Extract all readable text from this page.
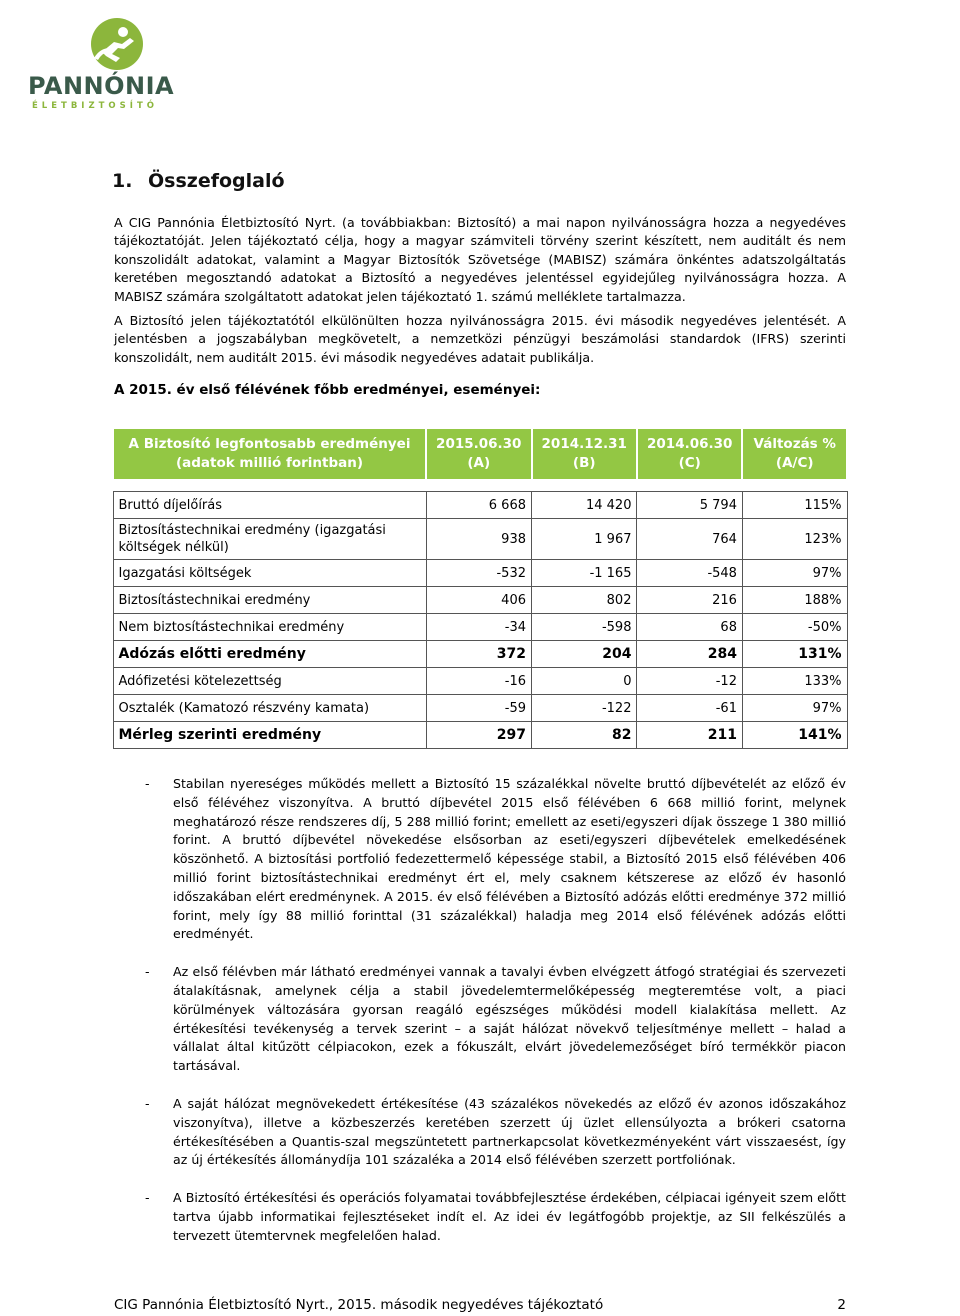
PANNÓNIA
ÉLETBIZTOSÍTÓ
1. Összefoglaló
A CIG Pannónia Életbiztosító Nyrt. (a továbbiakban: Biztosító) a mai napon nyilvánosságra hozza a negyedéves tájékoztatóját. Jelen tájékoztató célja, hogy a magyar számviteli törvény szerint készített, nem auditált és nem konszolidált adatokat, valamint a Magyar Biztosítók Szövetsége (MABISZ) számára önkéntes adatszolgáltatás keretében megosztandó adatokat a Biztosító a negyedéves jelentéssel egyidejűleg nyilvánosságra hozza. A MABISZ számára szolgáltatott adatokat jelen tájékoztató 1. számú melléklete tartalmazza.
A Biztosító jelen tájékoztatótól elkülönülten hozza nyilvánosságra 2015. évi második negyedéves jelentését. A jelentésben a jogszabályban megkövetelt, a nemzetközi pénzügyi beszámolási standardok (IFRS) szerinti konszolidált, nem auditált 2015. évi második negyedéves adatait publikálja.
A 2015. év első félévének főbb eredményei, eseményei:
A Biztosító legfontosabb eredményei (adatok millió forintban)	2015.06.30 (A)	2014.12.31 (B)	2014.06.30 (C)	Változás % (A/C)

Bruttó díjelőírás	6 668	14 420	5 794	115%
Biztosítástechnikai eredmény (igazgatási költségek nélkül)	938	1 967	764	123%
Igazgatási költségek	-532	-1 165	-548	97%
Biztosítástechnikai eredmény	406	802	216	188%
Nem biztosítástechnikai eredmény	-34	-598	68	-50%
Adózás előtti eredmény	372	204	284	131%
Adófizetési kötelezettség	-16	0	-12	133%
Osztalék (Kamatozó részvény kamata)	-59	-122	-61	97%
Mérleg szerinti eredmény	297	82	211	141%
- Stabilan nyereséges működés mellett a Biztosító 15 százalékkal növelte bruttó díjbevételét az előző év első félévéhez viszonyítva. A bruttó díjbevétel 2015 első félévében 6 668 millió forint, melynek meghatározó része rendszeres díj, 5 288 millió forint; emellett az eseti/egyszeri díjak összege 1 380 millió forint. A bruttó díjbevétel növekedése elsősorban az eseti/egyszeri díjbevételek emelkedésének köszönhető. A biztosítási portfolió fedezettermelő képessége stabil, a Biztosító 2015 első félévében 406 millió forint biztosítástechnikai eredményt ért el, mely csaknem kétszerese az előző év hasonló időszakában elért eredménynek. A 2015. év első félévében a Biztosító adózás előtti eredménye 372 millió forint, mely így 88 millió forinttal (31 százalékkal) haladja meg 2014 első félévének adózás előtti eredményét.
- Az első félévben már látható eredményei vannak a tavalyi évben elvégzett átfogó stratégiai és szervezeti átalakításnak, amelynek célja a stabil jövedelemtermelőképesség megteremtése volt, a piaci körülmények változására gyorsan reagáló egészséges működési modell kialakítása mellett. Az értékesítési tevékenység a tervek szerint – a saját hálózat növekvő teljesítménye mellett – halad a vállalat által kitűzött célpiacokon, ezek a fókuszált, elvárt jövedelemezőséget bíró termékkör piacon tartásával.
- A saját hálózat megnövekedett értékesítése (43 százalékos növekedés az előző év azonos időszakához viszonyítva), illetve a közbeszerzés keretében szerzett új üzlet ellensúlyozta a brókeri csatorna értékesítésében a Quantis-szal megszüntetett partnerkapcsolat következményeként várt visszaesést, így az új értékesítés állománydíja 101 százaléka a 2014 első félévében szerzett portfoliónak.
- A Biztosító értékesítési és operációs folyamatai továbbfejlesztése érdekében, célpiacai igényeit szem előtt tartva újabb informatikai fejlesztéseket indít el. Az idei év legátfogóbb projektje, az SII felkészülés a tervezett ütemtervnek megfelelően halad.
CIG Pannónia Életbiztosító Nyrt., 2015. második negyedéves tájékoztató	2
